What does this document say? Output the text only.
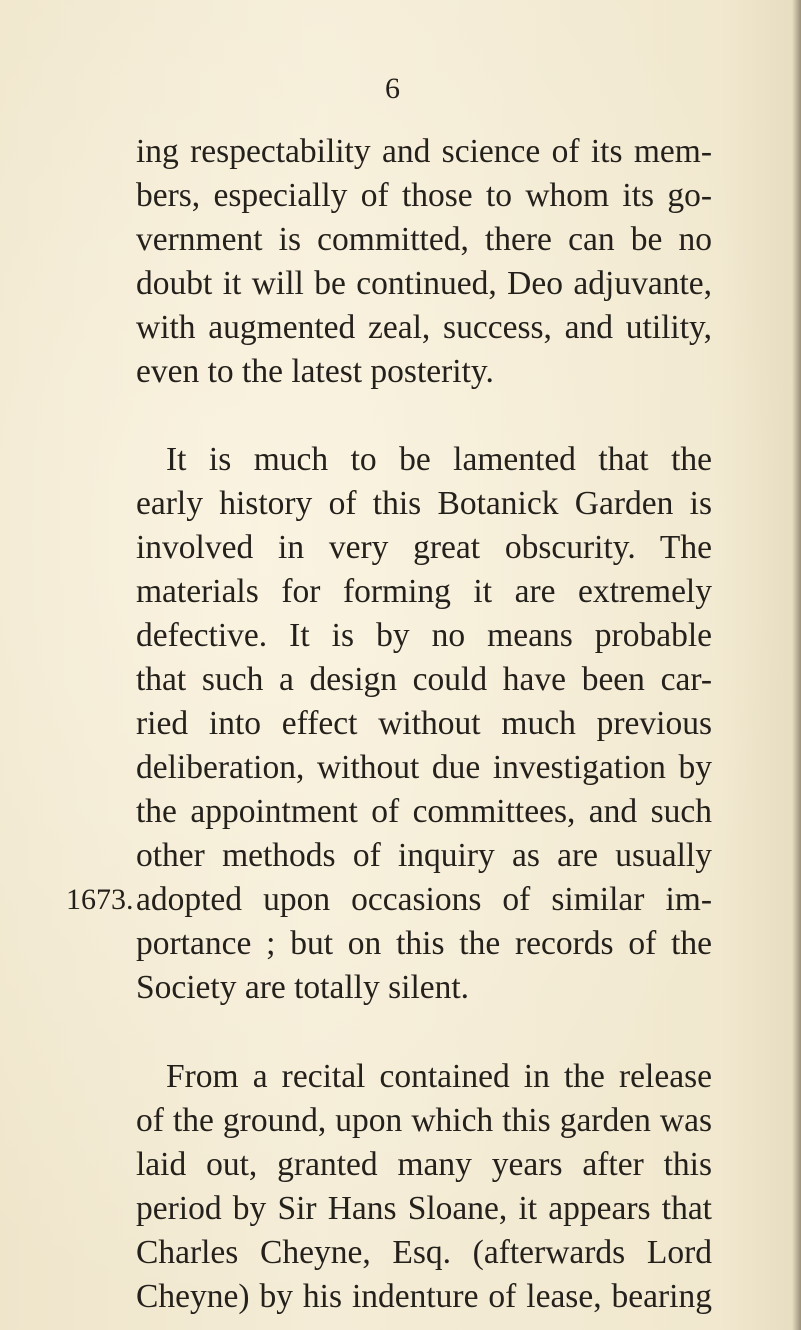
6
ing respectability and science of its mem-
bers, especially of those to whom its go-
vernment is committed, there can be no
doubt it will be continued, Deo adjuvante,
with augmented zeal, success, and utility,
even to the latest posterity.
It is much to be lamented that the
early history of this Botanick Garden is
involved in very great obscurity. The
materials for forming it are extremely
defective. It is by no means probable
that such a design could have been car-
ried into effect without much previous
deliberation, without due investigation by
the appointment of committees, and such
other methods of inquiry as are usually
1673. adopted upon occasions of similar im-
portance ; but on this the records of the
Society are totally silent.
From a recital contained in the release
of the ground, upon which this garden was
laid out, granted many years after this
period by Sir Hans Sloane, it appears that
Charles Cheyne, Esq. (afterwards Lord
Cheyne) by his indenture of lease, bearing
